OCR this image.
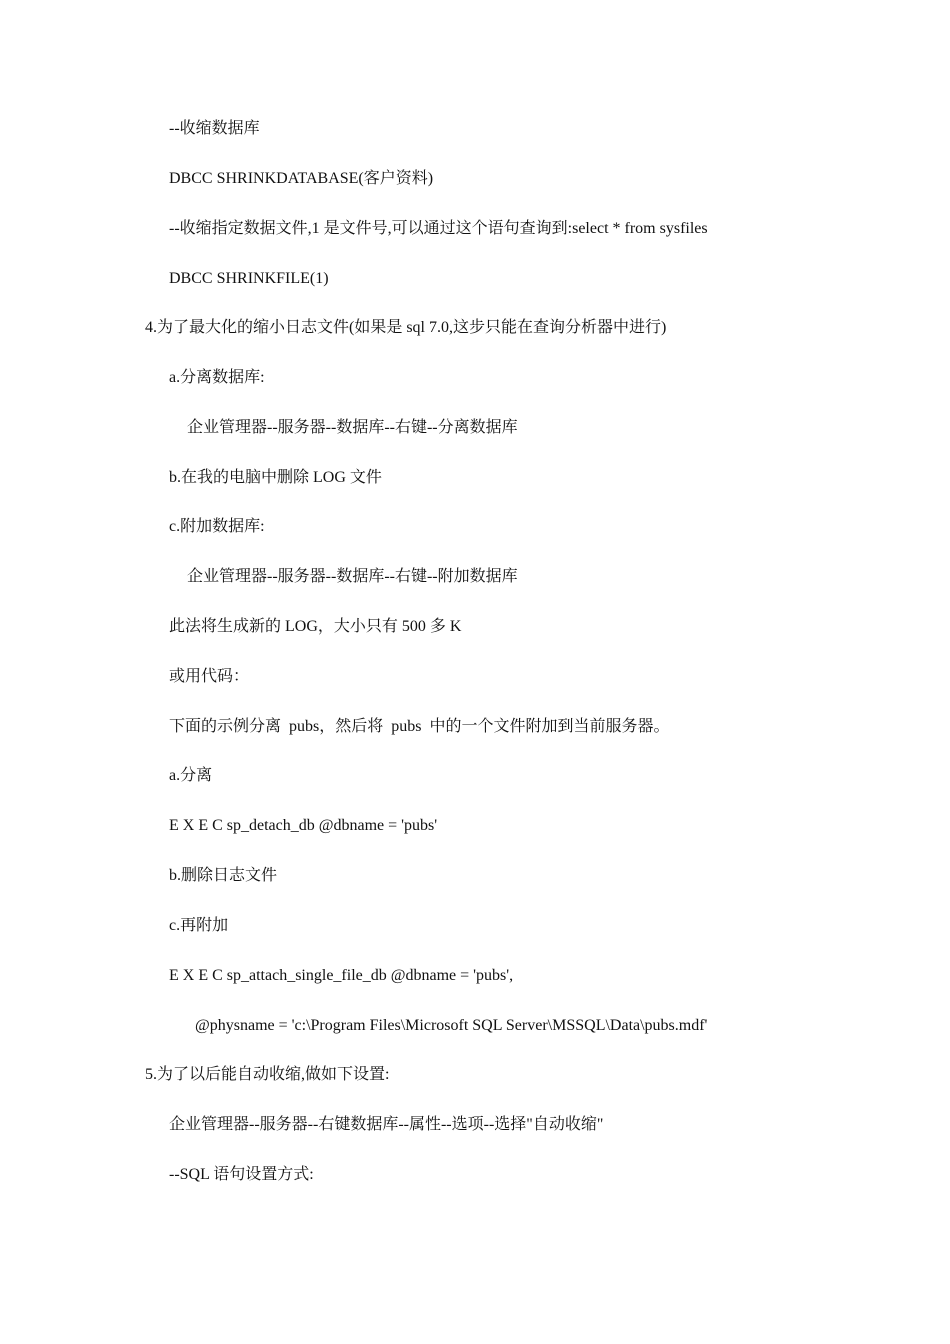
--收缩数据库
DBCC SHRINKDATABASE(客户资料)
--收缩指定数据文件,1 是文件号,可以通过这个语句查询到:select * from sysfiles
DBCC SHRINKFILE(1)
4.为了最大化的缩小日志文件(如果是 sql 7.0,这步只能在查询分析器中进行)
a.分离数据库:
企业管理器--服务器--数据库--右键--分离数据库
b.在我的电脑中删除 LOG 文件
c.附加数据库:
企业管理器--服务器--数据库--右键--附加数据库
此法将生成新的 LOG，大小只有 500 多 K
或用代码：
下面的示例分离  pubs，然后将  pubs  中的一个文件附加到当前服务器。
a.分离
E X E C sp_detach_db @dbname = 'pubs'
b.删除日志文件
c.再附加
E X E C sp_attach_single_file_db @dbname = 'pubs',
@physname = 'c:\Program Files\Microsoft SQL Server\MSSQL\Data\pubs.mdf'
5.为了以后能自动收缩,做如下设置:
企业管理器--服务器--右键数据库--属性--选项--选择"自动收缩"
--SQL 语句设置方式:
